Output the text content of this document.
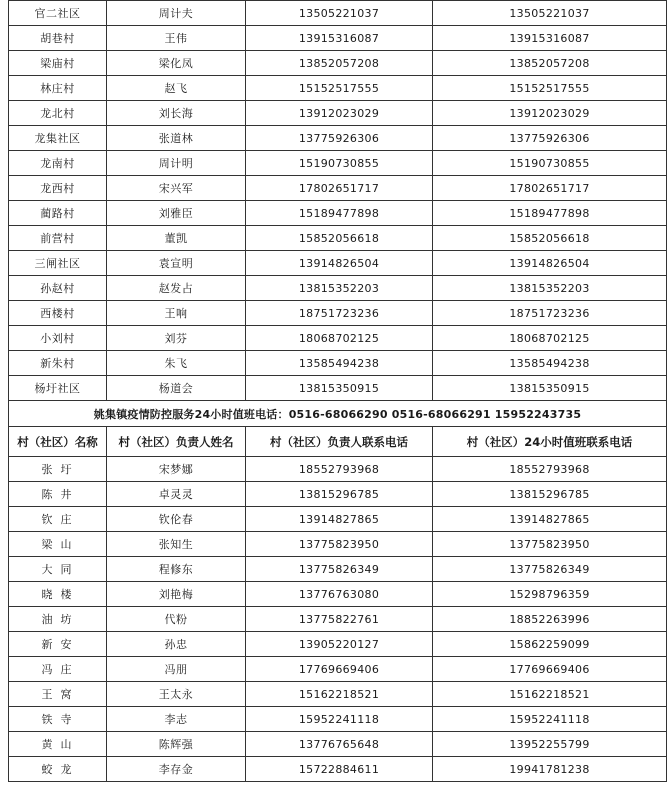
官二社区	周计夫	13505221037	13505221037
胡巷村	王伟	13915316087	13915316087
梁庙村	梁化凤	13852057208	13852057208
林庄村	赵飞	15152517555	15152517555
龙北村	刘长海	13912023029	13912023029
龙集社区	张道林	13775926306	13775926306
龙南村	周计明	15190730855	15190730855
龙西村	宋兴军	17802651717	17802651717
蔺路村	刘雅臣	15189477898	15189477898
前营村	董凯	15852056618	15852056618
三闸社区	袁宣明	13914826504	13914826504
孙赵村	赵发占	13815352203	13815352203
西楼村	王响	18751723236	18751723236
小刘村	刘芬	18068702125	18068702125
新朱村	朱飞	13585494238	13585494238
杨圩社区	杨道会	13815350915	13815350915
姚集镇疫情防控服务24小时值班电话：0516-68066290 0516-68066291 15952243735			
村（社区）名称	村（社区）负责人姓名	村（社区）负责人联系电话	村（社区）24小时值班联系电话
张圩	宋梦娜	18552793968	18552793968
陈井	卓灵灵	13815296785	13815296785
钦庄	钦伦春	13914827865	13914827865
梁山	张知生	13775823950	13775823950
大同	程修东	13775826349	13775826349
晓楼	刘艳梅	13776763080	15298796359
油坊	代粉	13775822761	18852263996
新安	孙忠	13905220127	15862259099
冯庄	冯朋	17769669406	17769669406
王窝	王太永	15162218521	15162218521
铁寺	李志	15952241118	15952241118
黄山	陈辉强	13776765648	13952255799
蛟龙	李存金	15722884611	19941781238
